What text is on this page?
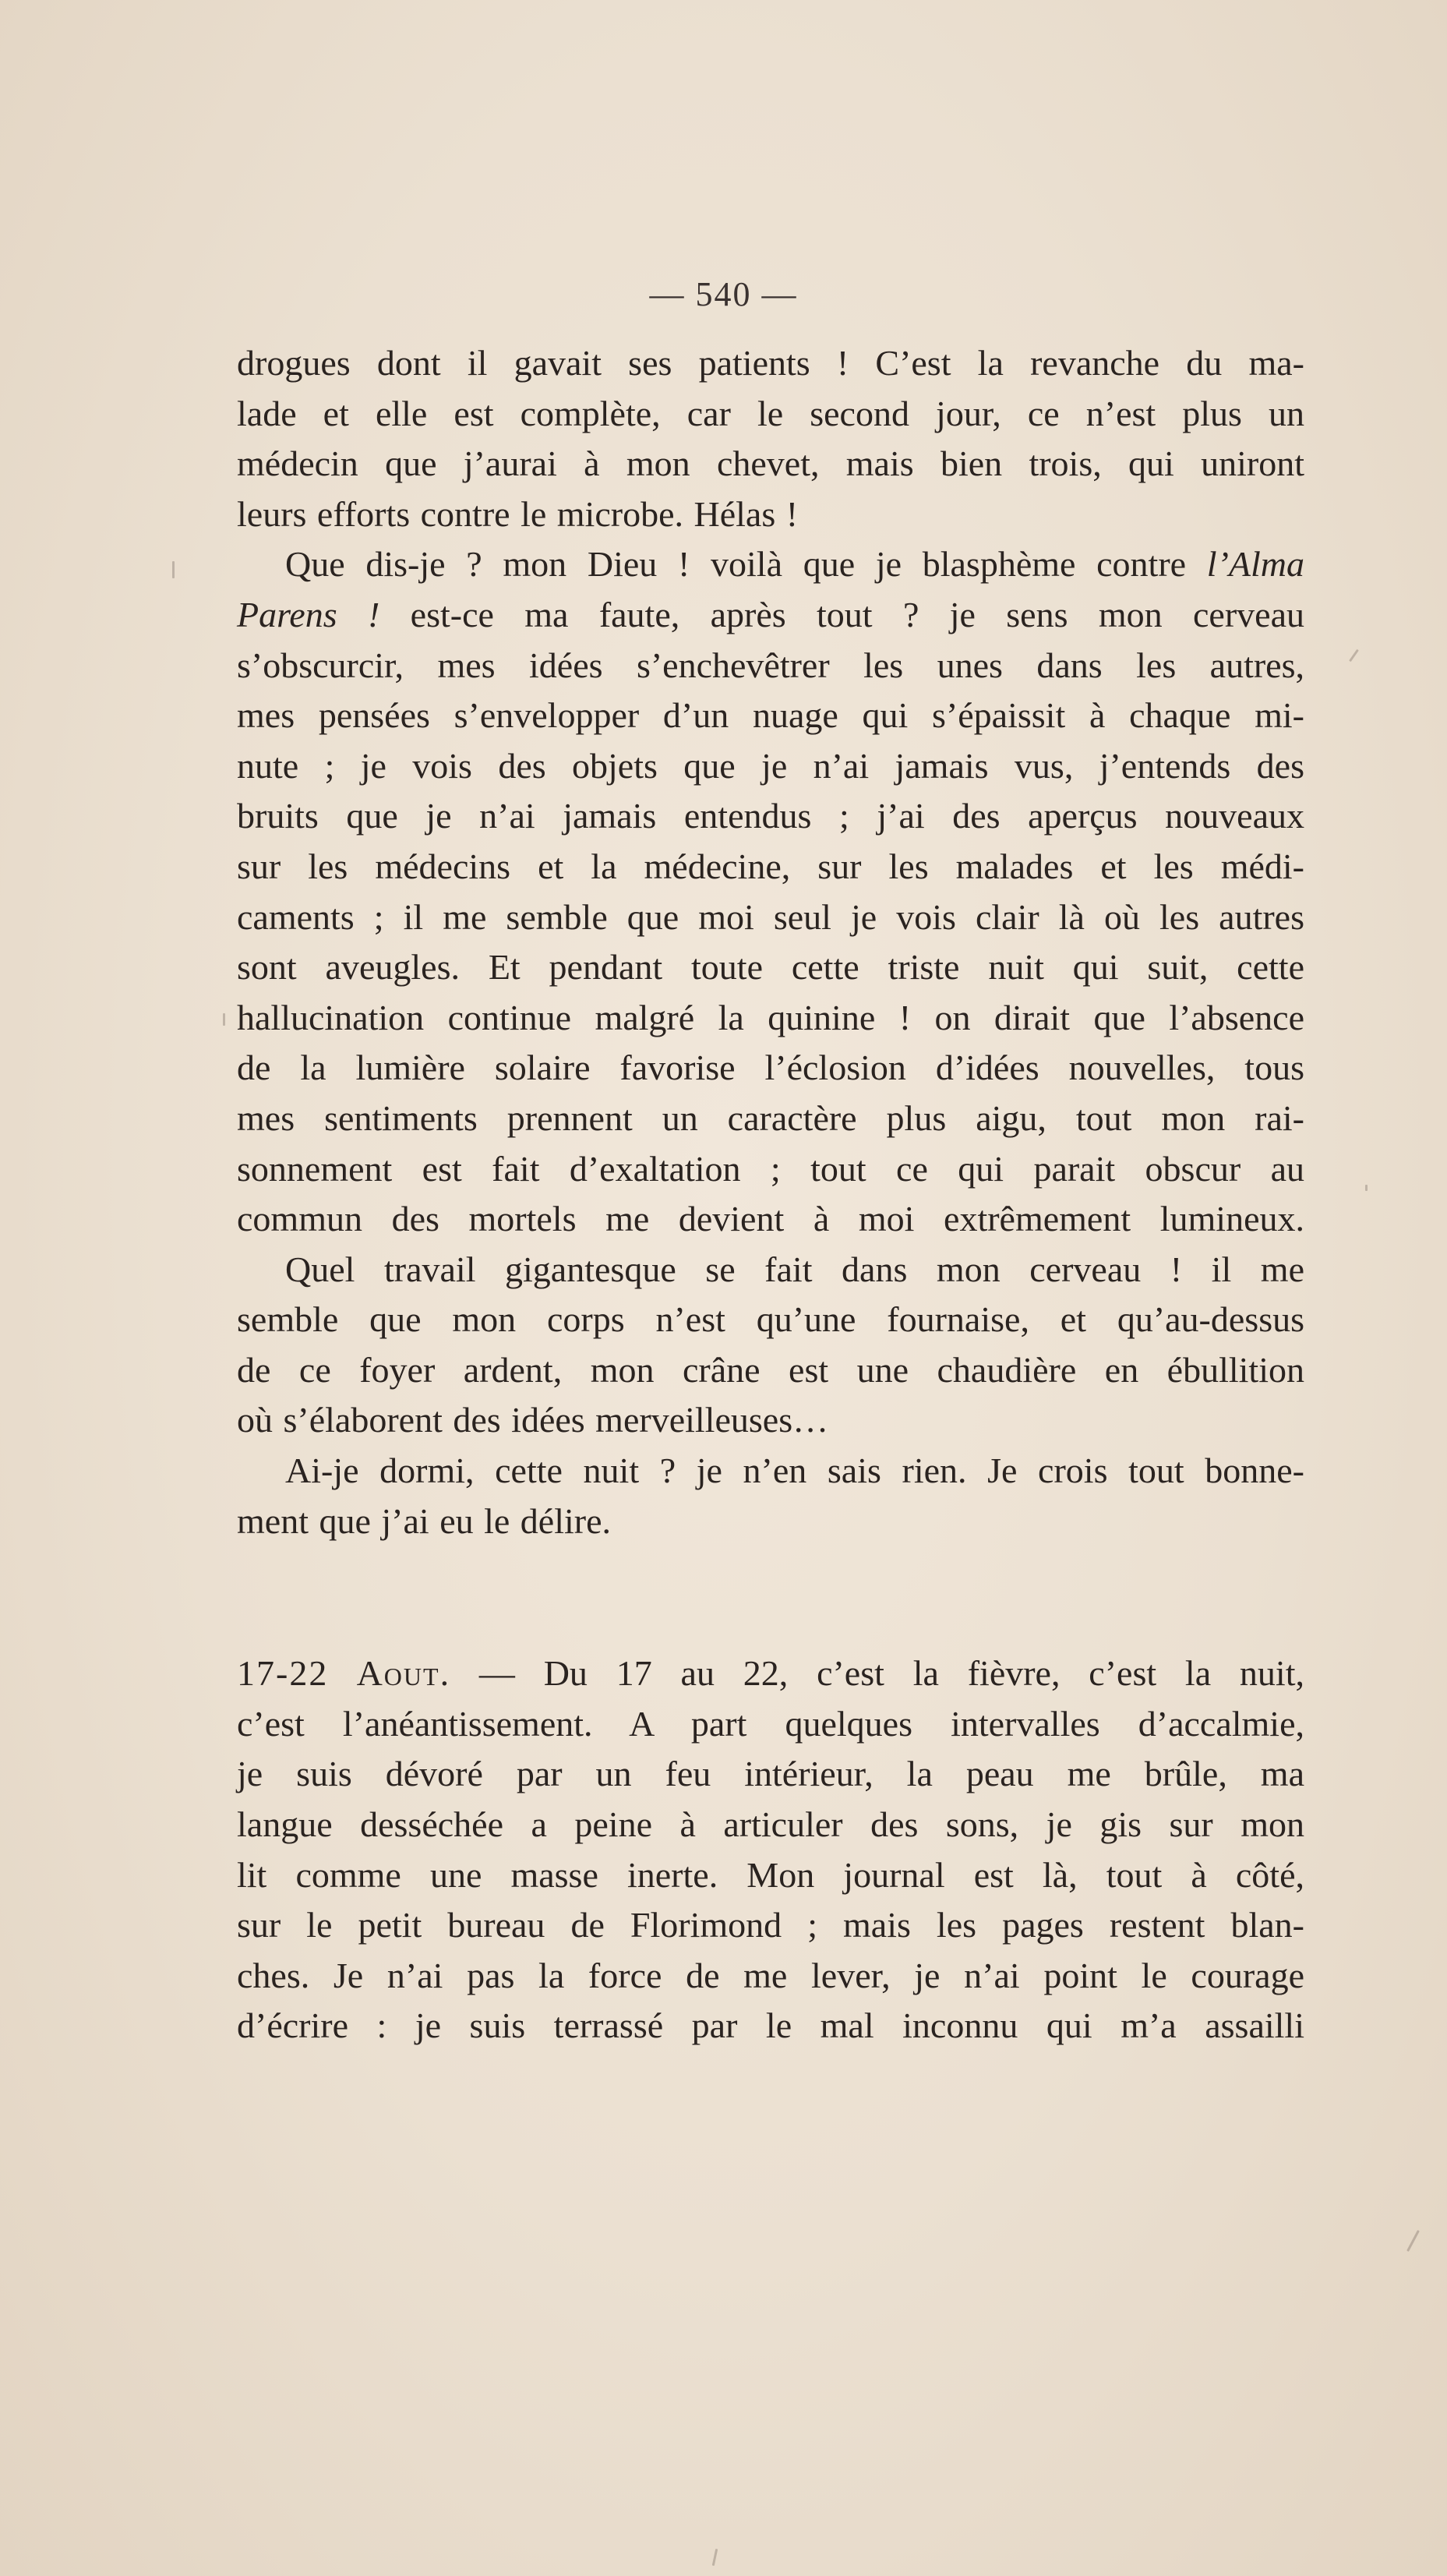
— 540 —
drogues dont il gavait ses patients ! C’est la revanche du ma-
lade et elle est complète, car le second jour, ce n’est plus un
médecin que j’aurai à mon chevet, mais bien trois, qui uniront
leurs efforts contre le microbe. Hélas !
Que dis-je ? mon Dieu ! voilà que je blasphème contre l’Alma
Parens ! est-ce ma faute, après tout ? je sens mon cerveau
s’obscurcir, mes idées s’enchevêtrer les unes dans les autres,
mes pensées s’envelopper d’un nuage qui s’épaissit à chaque mi-
nute ; je vois des objets que je n’ai jamais vus, j’entends des
bruits que je n’ai jamais entendus ; j’ai des aperçus nouveaux
sur les médecins et la médecine, sur les malades et les médi-
caments ; il me semble que moi seul je vois clair là où les autres
sont aveugles. Et pendant toute cette triste nuit qui suit, cette
hallucination continue malgré la quinine ! on dirait que l’absence
de la lumière solaire favorise l’éclosion d’idées nouvelles, tous
mes sentiments prennent un caractère plus aigu, tout mon rai-
sonnement est fait d’exaltation ; tout ce qui parait obscur au
commun des mortels me devient à moi extrêmement lumineux.
Quel travail gigantesque se fait dans mon cerveau ! il me
semble que mon corps n’est qu’une fournaise, et qu’au-dessus
de ce foyer ardent, mon crâne est une chaudière en ébullition
où s’élaborent des idées merveilleuses…
Ai-je dormi, cette nuit ? je n’en sais rien. Je crois tout bonne-
ment que j’ai eu le délire.
17-22 Aout. — Du 17 au 22, c’est la fièvre, c’est la nuit,
c’est l’anéantissement. A part quelques intervalles d’accalmie,
je suis dévoré par un feu intérieur, la peau me brûle, ma
langue desséchée a peine à articuler des sons, je gis sur mon
lit comme une masse inerte. Mon journal est là, tout à côté,
sur le petit bureau de Florimond ; mais les pages restent blan-
ches. Je n’ai pas la force de me lever, je n’ai point le courage
d’écrire : je suis terrassé par le mal inconnu qui m’a assailli
